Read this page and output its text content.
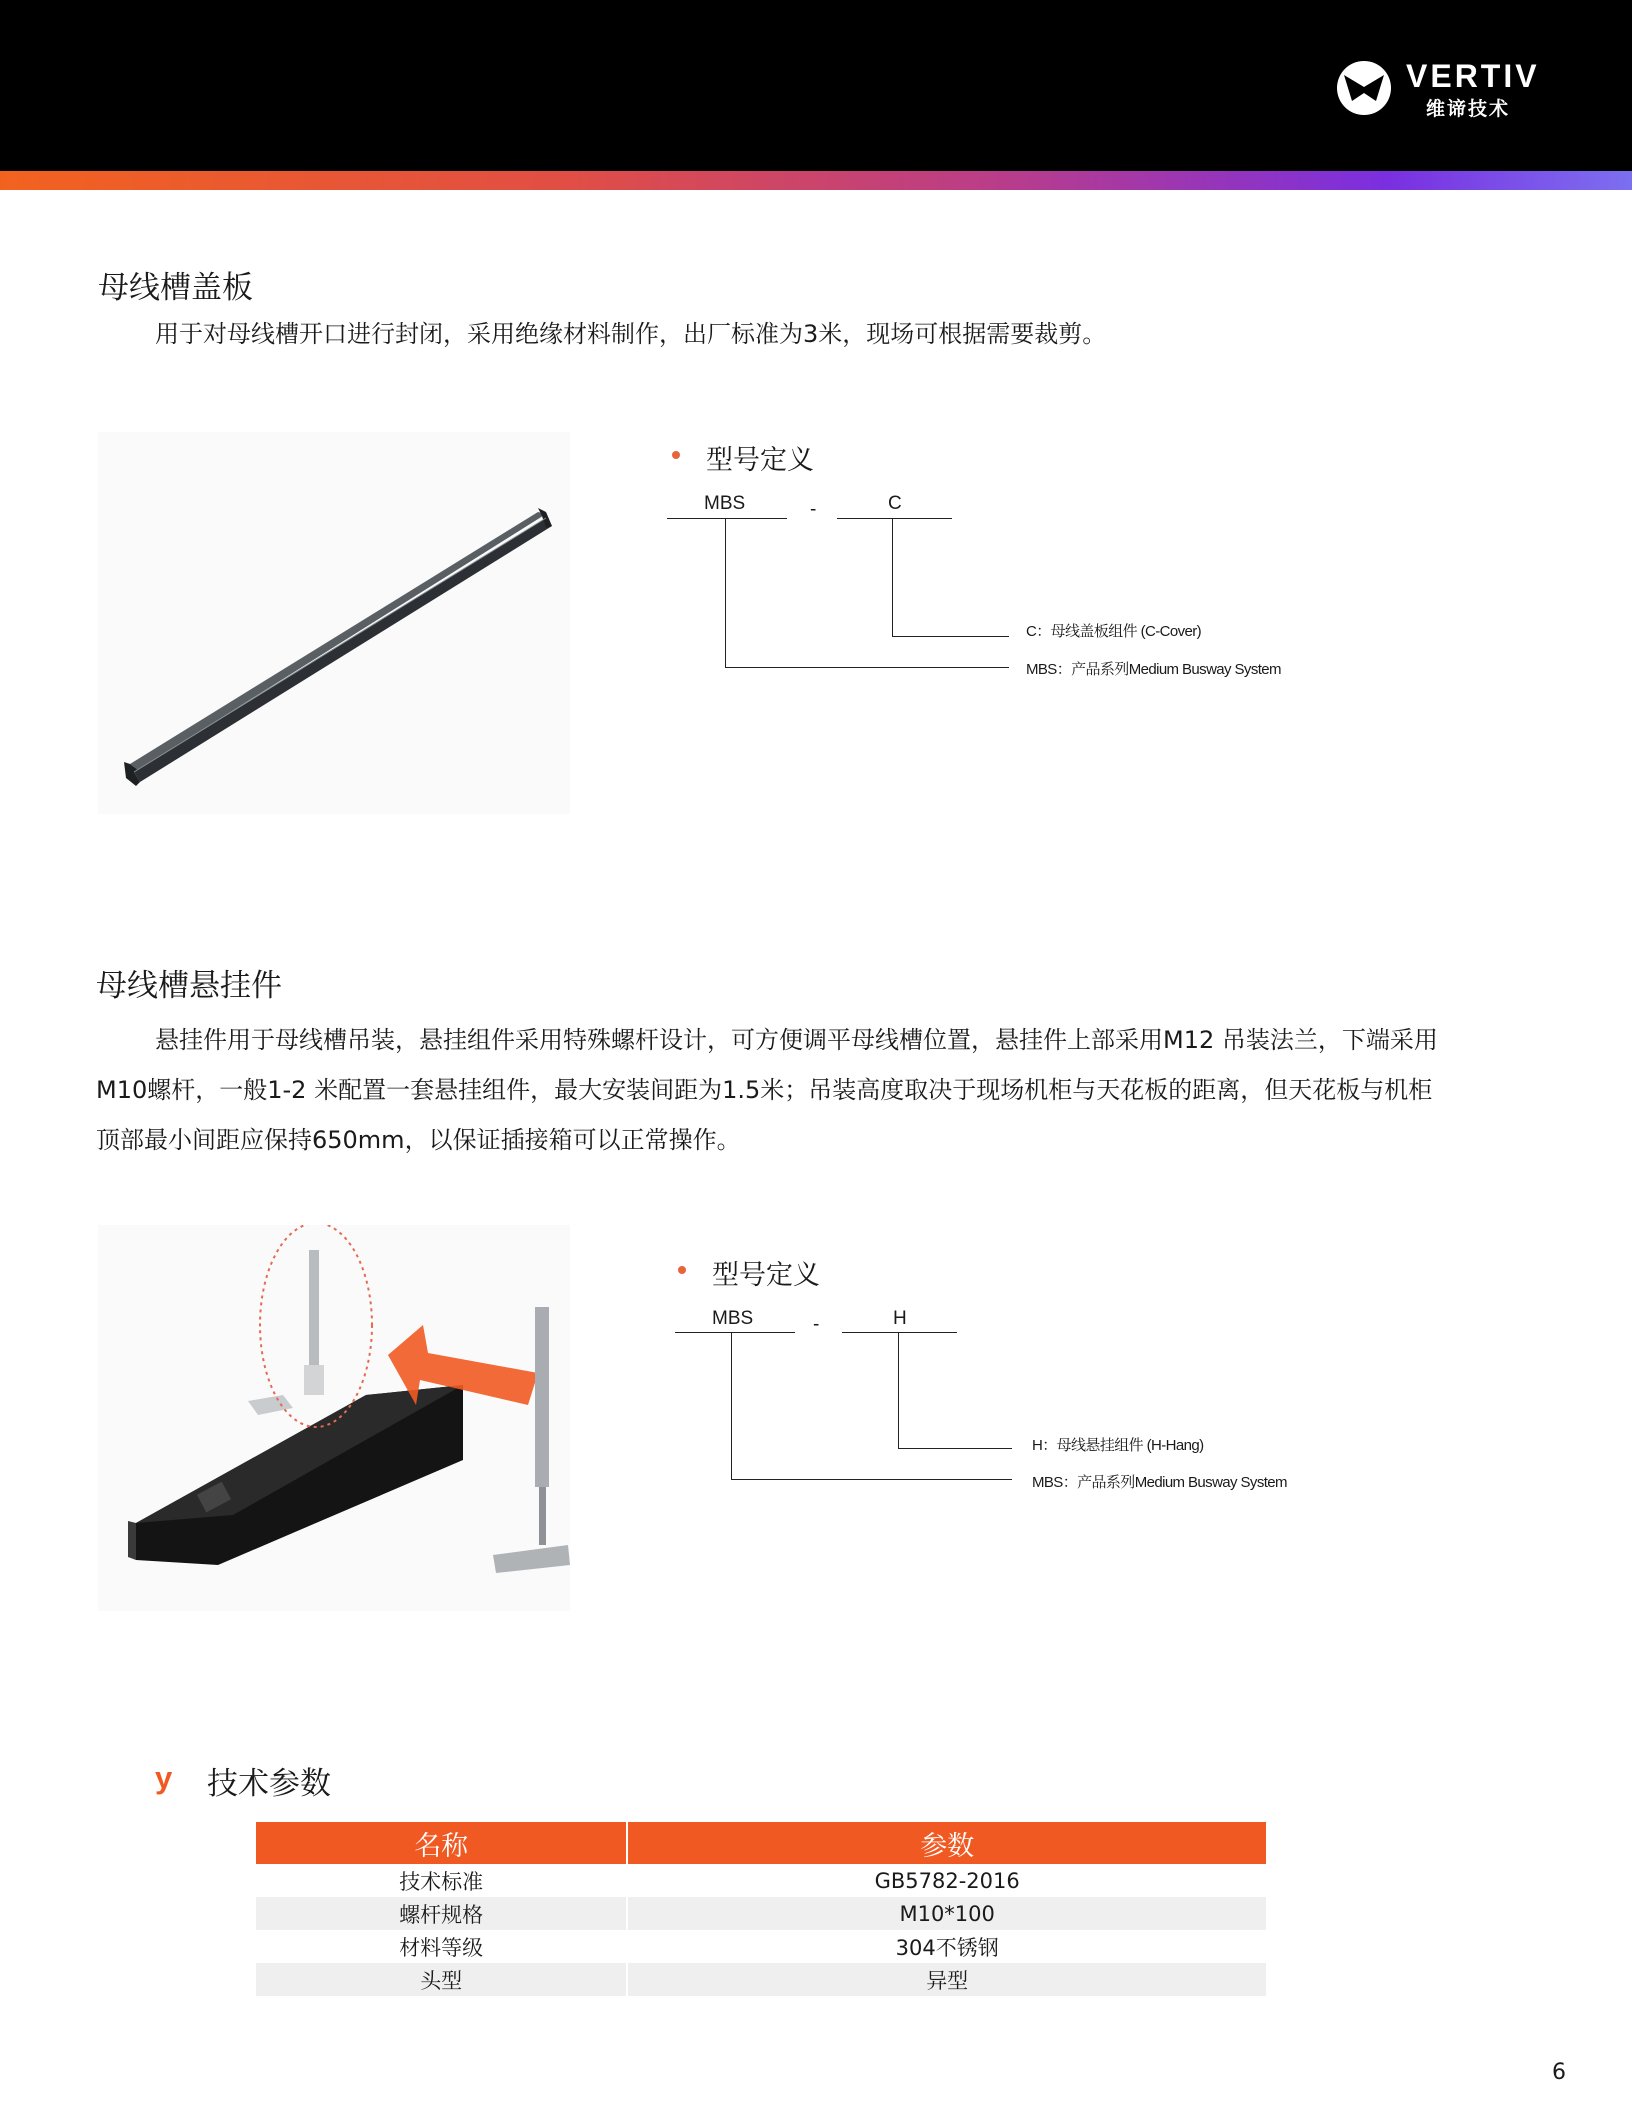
VERTIV
维谛技术
母线槽盖板
用于对母线槽开口进行封闭，采用绝缘材料制作，出厂标准为3米，现场可根据需要裁剪。
型号定义
MBS	-	C
C：母线盖板组件 (C-Cover)
MBS：产品系列Medium Busway System
母线槽悬挂件
悬挂件用于母线槽吊装，悬挂组件采用特殊螺杆设计，可方便调平母线槽位置，悬挂件上部采用M12 吊装法兰，下端采用
M10螺杆，一般1-2 米配置一套悬挂组件，最大安装间距为1.5米；吊装高度取决于现场机柜与天花板的距离，但天花板与机柜
顶部最小间距应保持650mm，以保证插接箱可以正常操作。
型号定义
MBS	-	H
H：母线悬挂组件 (H-Hang)
MBS：产品系列Medium Busway System
y 技术参数
名称	参数
技术标准	GB5782-2016
螺杆规格	M10*100
材料等级	304不锈钢
头型	异型
6
